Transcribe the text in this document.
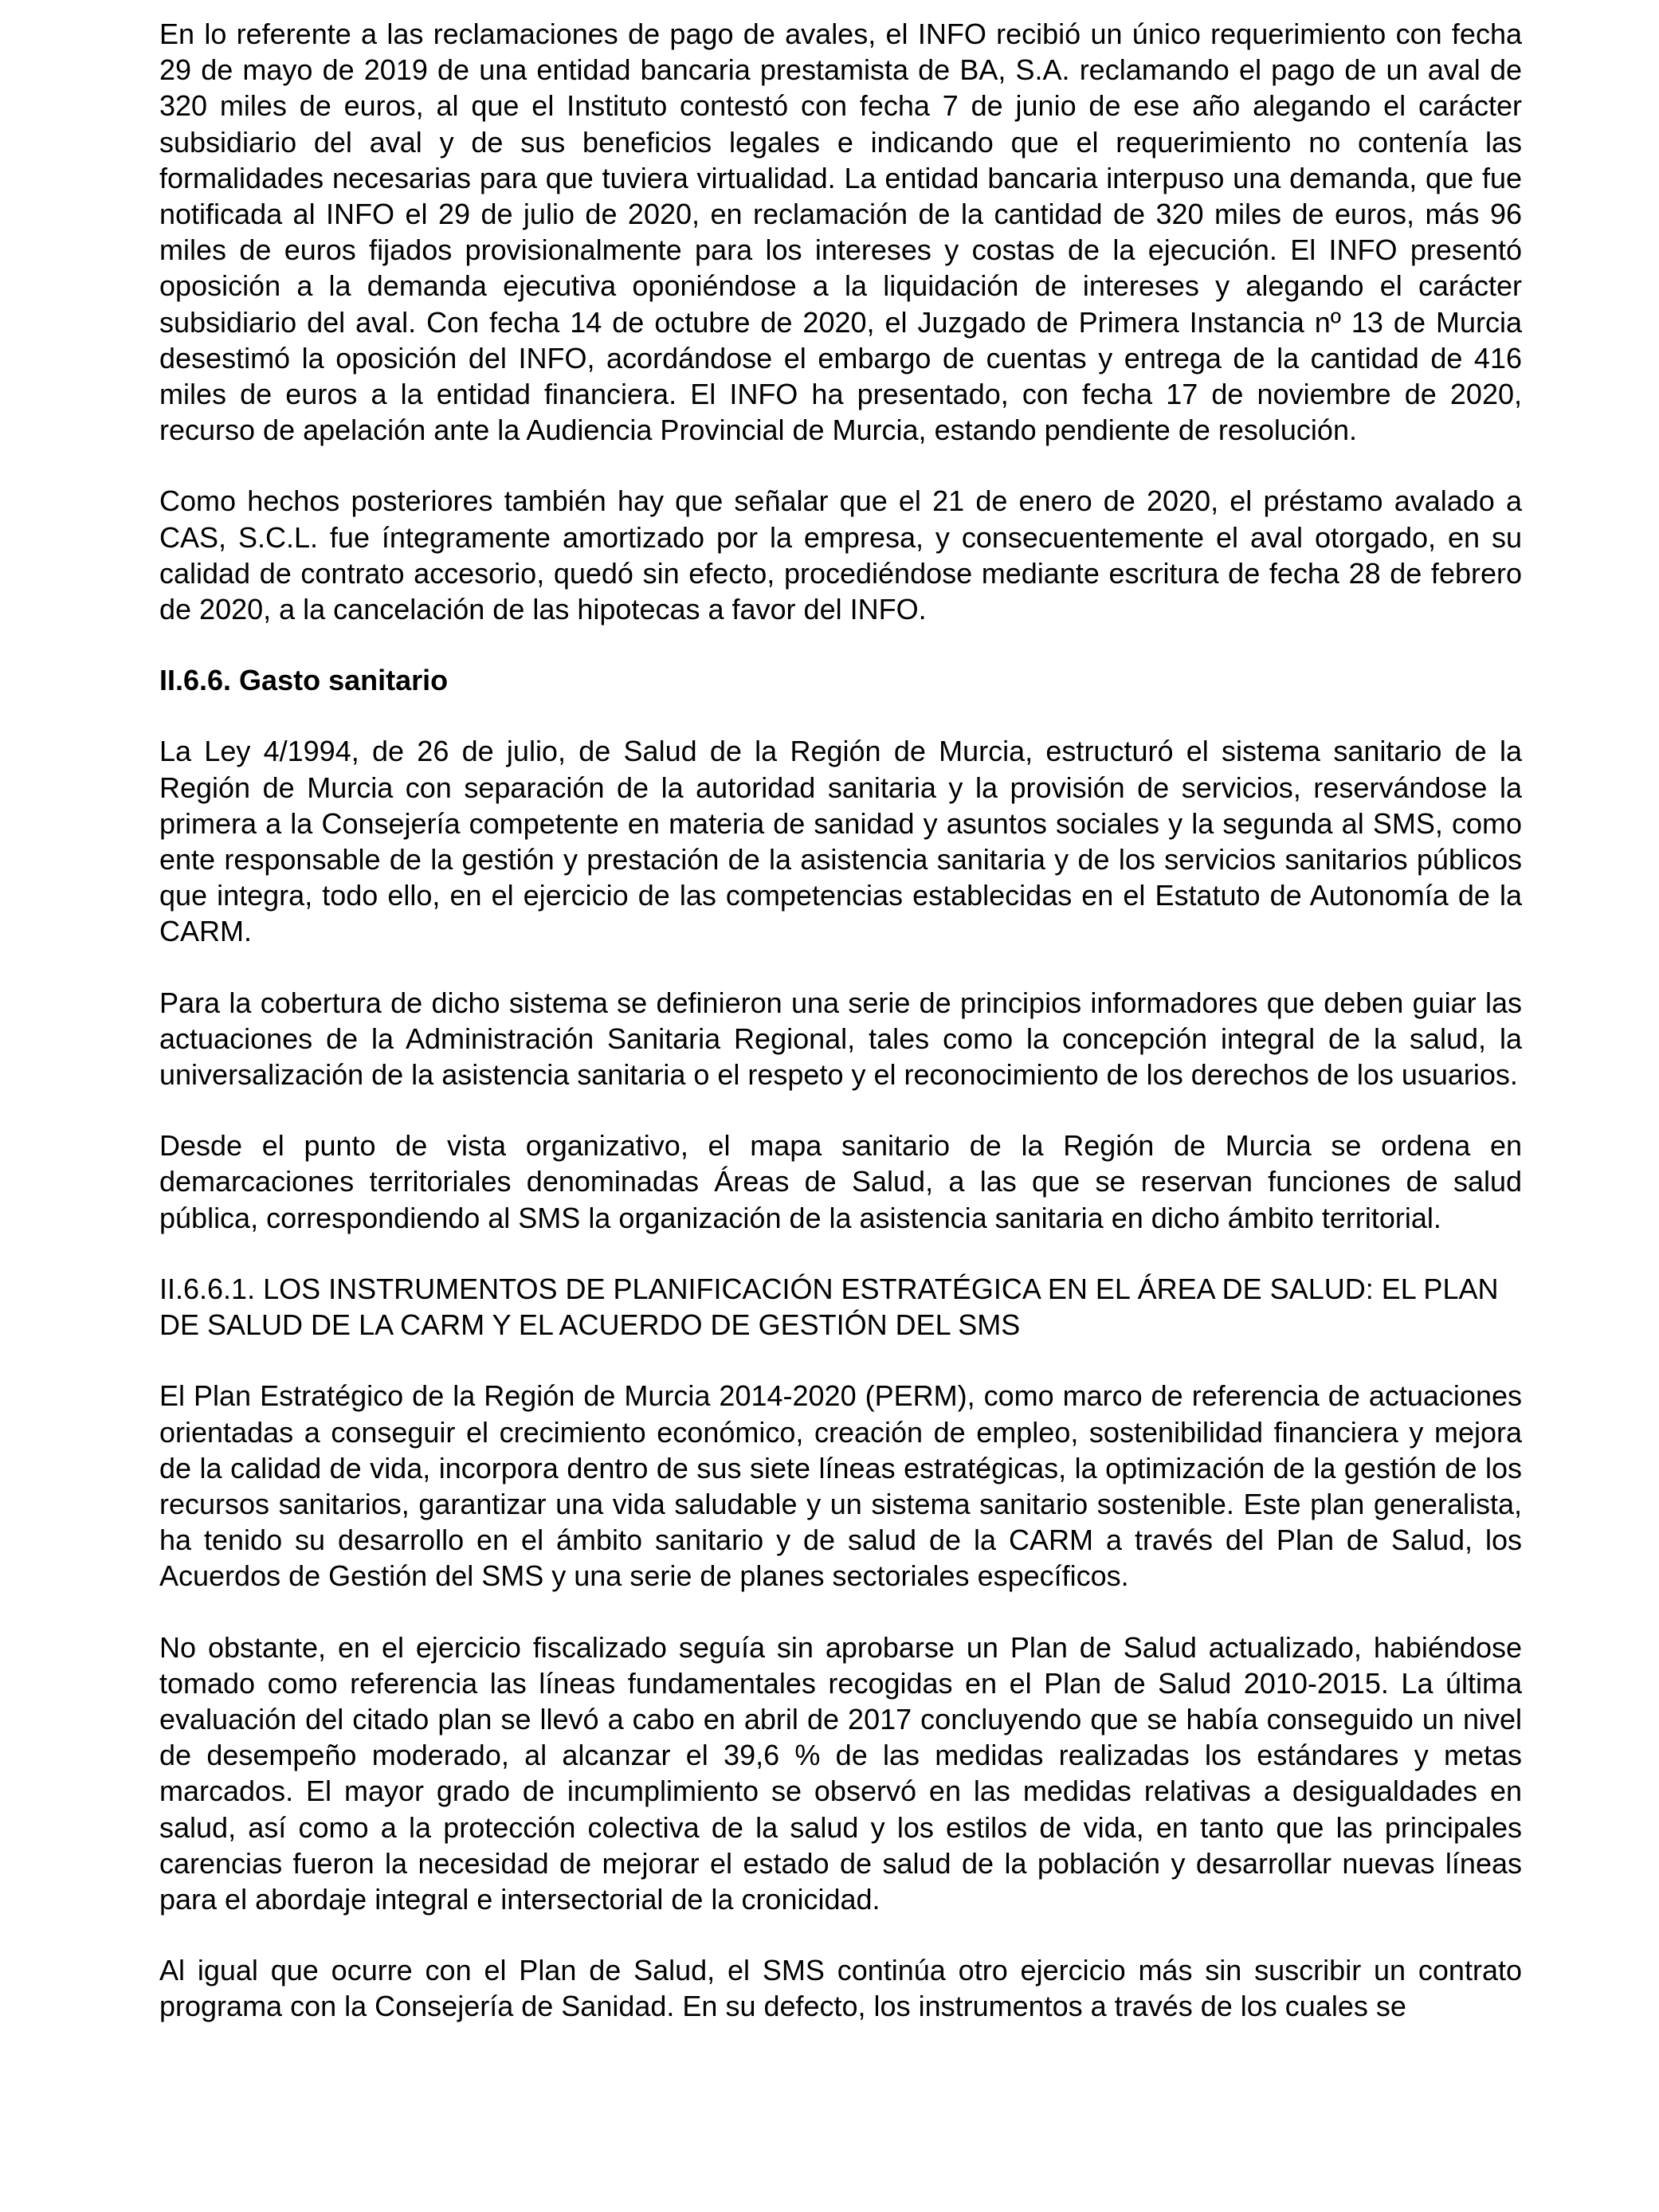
En lo referente a las reclamaciones de pago de avales, el INFO recibió un único requerimiento con fecha 29 de mayo de 2019 de una entidad bancaria prestamista de BA, S.A. reclamando el pago de un aval de 320 miles de euros, al que el Instituto contestó con fecha 7 de junio de ese año alegando el carácter subsidiario del aval y de sus beneficios legales e indicando que el requerimiento no contenía las formalidades necesarias para que tuviera virtualidad. La entidad bancaria interpuso una demanda, que fue notificada al INFO el 29 de julio de 2020, en reclamación de la cantidad de 320 miles de euros, más 96 miles de euros fijados provisionalmente para los intereses y costas de la ejecución. El INFO presentó oposición a la demanda ejecutiva oponiéndose a la liquidación de intereses y alegando el carácter subsidiario del aval. Con fecha 14 de octubre de 2020, el Juzgado de Primera Instancia nº 13 de Murcia desestimó la oposición del INFO, acordándose el embargo de cuentas y entrega de la cantidad de 416 miles de euros a la entidad financiera. El INFO ha presentado, con fecha 17 de noviembre de 2020, recurso de apelación ante la Audiencia Provincial de Murcia, estando pendiente de resolución.

Como hechos posteriores también hay que señalar que el 21 de enero de 2020, el préstamo avalado a CAS, S.C.L. fue íntegramente amortizado por la empresa, y consecuentemente el aval otorgado, en su calidad de contrato accesorio, quedó sin efecto, procediéndose mediante escritura de fecha 28 de febrero de 2020, a la cancelación de las hipotecas a favor del INFO.

II.6.6. Gasto sanitario

La Ley 4/1994, de 26 de julio, de Salud de la Región de Murcia, estructuró el sistema sanitario de la Región de Murcia con separación de la autoridad sanitaria y la provisión de servicios, reservándose la primera a la Consejería competente en materia de sanidad y asuntos sociales y la segunda al SMS, como ente responsable de la gestión y prestación de la asistencia sanitaria y de los servicios sanitarios públicos que integra, todo ello, en el ejercicio de las competencias establecidas en el Estatuto de Autonomía de la CARM.

Para la cobertura de dicho sistema se definieron una serie de principios informadores que deben guiar las actuaciones de la Administración Sanitaria Regional, tales como la concepción integral de la salud, la universalización de la asistencia sanitaria o el respeto y el reconocimiento de los derechos de los usuarios.

Desde el punto de vista organizativo, el mapa sanitario de la Región de Murcia se ordena en demarcaciones territoriales denominadas Áreas de Salud, a las que se reservan funciones de salud pública, correspondiendo al SMS la organización de la asistencia sanitaria en dicho ámbito territorial.

II.6.6.1. LOS INSTRUMENTOS DE PLANIFICACIÓN ESTRATÉGICA EN EL ÁREA DE SALUD: EL PLAN DE SALUD DE LA CARM Y EL ACUERDO DE GESTIÓN DEL SMS

El Plan Estratégico de la Región de Murcia 2014-2020 (PERM), como marco de referencia de actuaciones orientadas a conseguir el crecimiento económico, creación de empleo, sostenibilidad financiera y mejora de la calidad de vida, incorpora dentro de sus siete líneas estratégicas, la optimización de la gestión de los recursos sanitarios, garantizar una vida saludable y un sistema sanitario sostenible. Este plan generalista, ha tenido su desarrollo en el ámbito sanitario y de salud de la CARM a través del Plan de Salud, los Acuerdos de Gestión del SMS y una serie de planes sectoriales específicos.

No obstante, en el ejercicio fiscalizado seguía sin aprobarse un Plan de Salud actualizado, habiéndose tomado como referencia las líneas fundamentales recogidas en el Plan de Salud 2010-2015. La última evaluación del citado plan se llevó a cabo en abril de 2017 concluyendo que se había conseguido un nivel de desempeño moderado, al alcanzar el 39,6 % de las medidas realizadas los estándares y metas marcados. El mayor grado de incumplimiento se observó en las medidas relativas a desigualdades en salud, así como a la protección colectiva de la salud y los estilos de vida, en tanto que las principales carencias fueron la necesidad de mejorar el estado de salud de la población y desarrollar nuevas líneas para el abordaje integral e intersectorial de la cronicidad.

Al igual que ocurre con el Plan de Salud, el SMS continúa otro ejercicio más sin suscribir un contrato programa con la Consejería de Sanidad. En su defecto, los instrumentos a través de los cuales se
